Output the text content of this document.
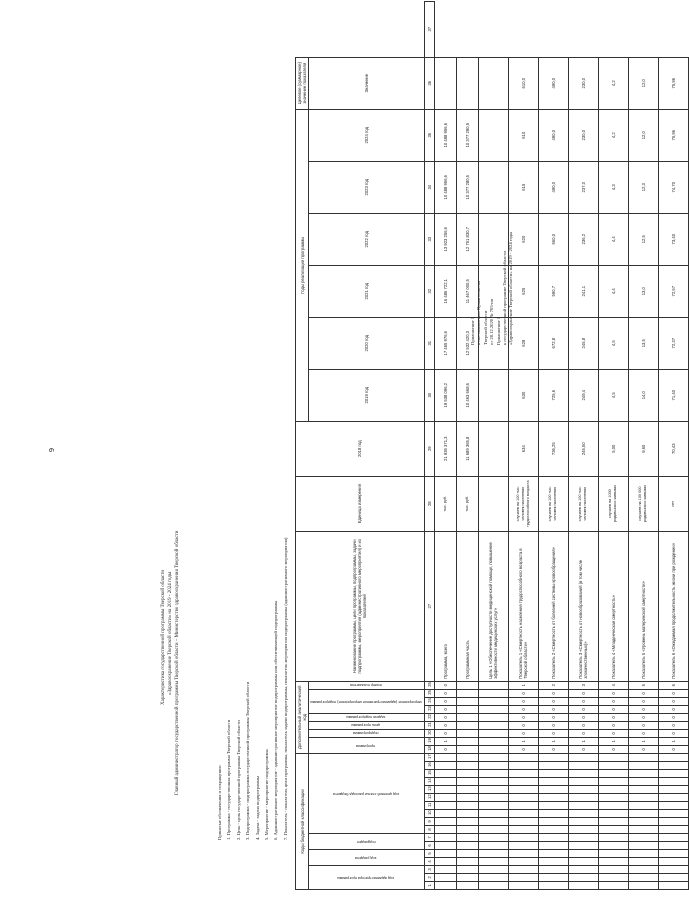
9
Приложение 1 к постановлению Правительства Тверской области от 28.12.2020 № 705-пп Приложение 1 к государственной программе Тверской области «Здравоохранение Тверской области» на 2019 - 2024 годы
Характеристика государственной программы Тверской области «Здравоохранение Тверской области» на 2019 - 2024 годы Главный администратор государственной программы Тверской области – Министерство здравоохранения Тверской области
Принятые обозначения и сокращения: 1. Программа - государственная программа Тверской области 2. Цель - цель государственной программы Тверской области 3. Подпрограмма - подпрограмма государственной программы Тверской области 4. Задача - задача подпрограммы 5. Мероприятие - мероприятие подпрограммы 6. Административное мероприятие - административное мероприятие подпрограммы или обеспечивающей подпрограммы 7. Показатель - показатель цели программы, показатель задачи подпрограммы, показатель мероприятия подпрограммы (административного мероприятия)	Коды бюджетной классификации																	Дополнительный аналитический код									Наименование программы, цели программы, подпрограммы, задачи подпрограммы, мероприятия (административного мероприятия) и их показателей	Единица измерения	2018 год	Годы реализации программы						Целевое (суммарное) значение показателя	
код администратора программы			код раздела		подраздел		код целевой статьи расхода бюджета										программа		подпрограмма	цель программы	задача подпрограммы	мероприятие (административное мероприятие) подпрограммы			номер показателя				2019 год	2020 год	2021 год	2022 год	2023 год	2024 год		
																																			Значение	
1	2	3	4	5	6	7	8	9	10	11	12	13	14	15	16	17	18	19	20	21	22	23	24	25	26	27	28	29	30	31	32	33	34	35	36	37
																	0	1	0	0	0	0	0	0	0	Программа, всего	тыс. руб.	21 935 371,3	19 538 096,2	17 465 976,6	16 486 722,1	13 923 256,6	10 488 956,6	10 488 956,6		
																										Программная часть	тыс. руб.	11 689 365,8	10 463 668,6	12 532 420,3	11 467 000,5	12 751 830,7	10 377 280,5	10 377 280,5		
																										Цель 1 «Обеспечение доступности медицинской помощи, повышение эффективности медицинских услуг»										
																	0	1	0	0	0	0	0	0	1	Показатель 1 «Смертность населения трудоспособного возраста в Тверской области»	случаев на 100 тыс. человек населения трудоспособного возраста	634	630	628	625	620	615	610	610,0	
																	0	1	0	0	0	0	0	0	2	Показатель 2 «Смертность от болезней системы кровообращения»	случаев на 100 тыс. человек населения	736,25	725,6	672,8	590,7	560,0	490,0	490,0	490,0	
																	0	1	0	0	0	0	0	0	3	Показатель 3 «Смертность от новообразований (в том числе злокачественных)»	случаев на 100 тыс. человек населения	246,50	249,4	245,8	241,1	236,2	237,0	230,0	230,0	
																	0	1	0	0	0	0	0	0	4	Показатель 4 «Младенческая смертность»	случаев на 1000 родившихся живыми	5,00	4,5	4,5	4,4	4,4	4,3	4,2	4,2	
																	0	1	0	0	0	0	0	0	5	Показатель 5 «Уровень материнской смертности»	случаев на 100 000 родившихся живыми	9,60	14,0	13,5	13,0	12,5	12,3	12,0	12,0	
																	0	1	0	0	0	0	0	0	6	Показатель 6 «Ожидаемая продолжительность жизни при рождении»	лет	70,43	71,40	72,37	72,57	73,40	74,70	75,96	75,96	
